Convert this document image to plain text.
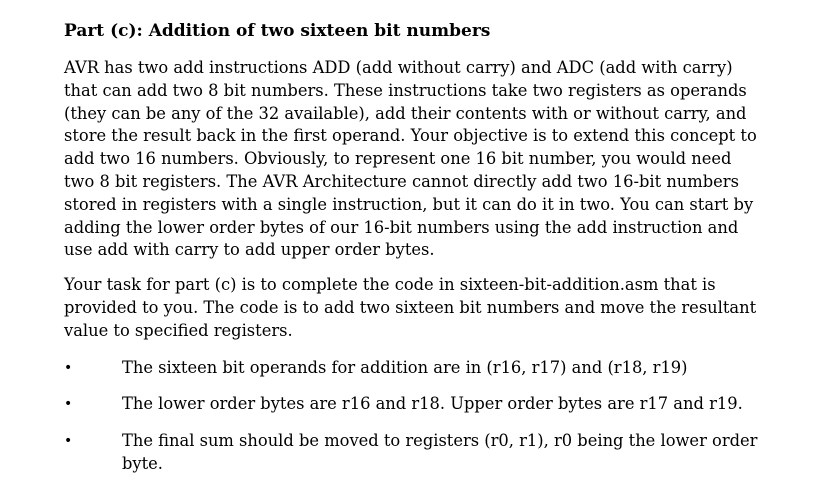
Part (c): Addition of two sixteen bit numbers

AVR has two add instructions ADD (add without carry) and ADC (add with carry) that can add two 8 bit numbers. These instructions take two registers as operands (they can be any of the 32 available), add their contents with or without carry, and store the result back in the first operand. Your objective is to extend this concept to add two 16 numbers. Obviously, to represent one 16 bit number, you would need two 8 bit registers. The AVR Architecture cannot directly add two 16-bit numbers stored in registers with a single instruction, but it can do it in two. You can start by adding the lower order bytes of our 16-bit numbers using the add instruction and use add with carry to add upper order bytes.

Your task for part (c) is to complete the code in sixteen-bit-addition.asm that is provided to you. The code is to add two sixteen bit numbers and move the resultant value to specified registers.

•	The sixteen bit operands for addition are in (r16, r17) and (r18, r19)
•	The lower order bytes are r16 and r18. Upper order bytes are r17 and r19.
•	The final sum should be moved to registers (r0, r1), r0 being the lower order byte.
